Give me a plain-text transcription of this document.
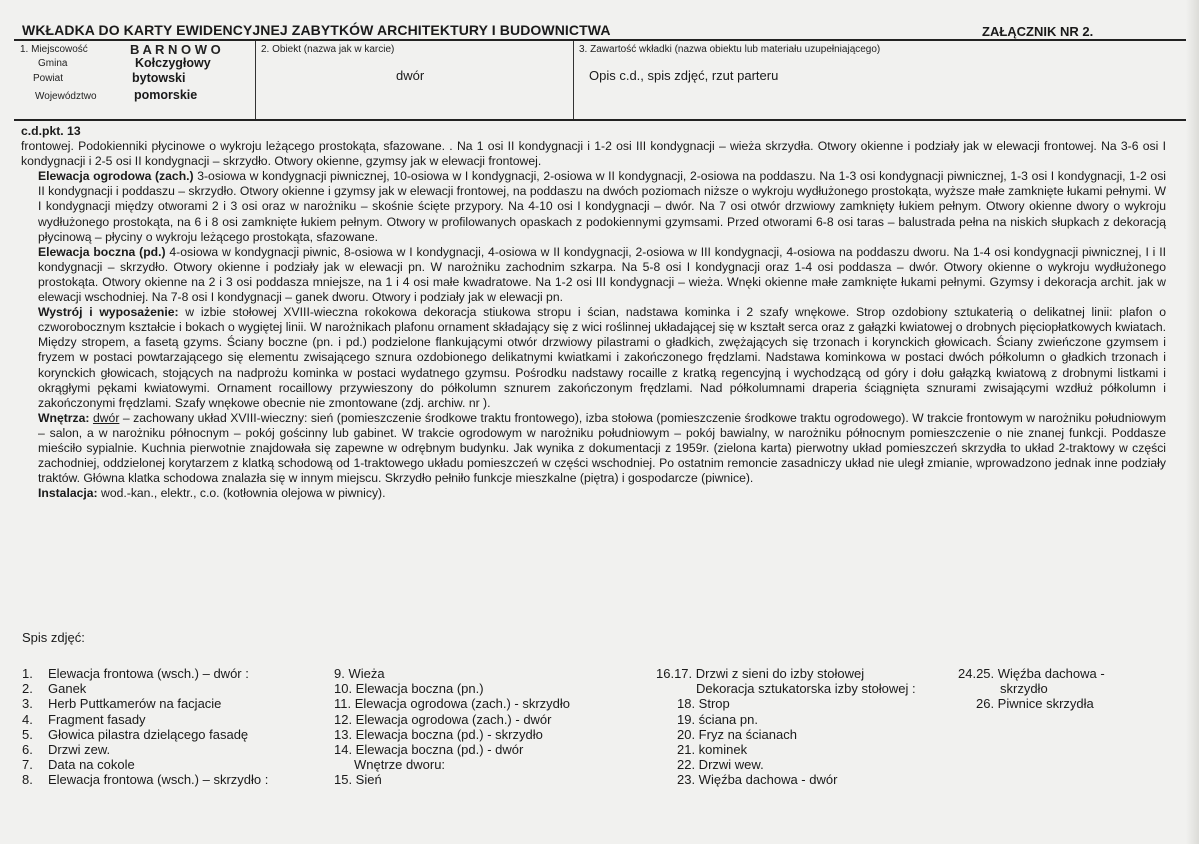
WKŁADKA DO KARTY EWIDENCYJNEJ ZABYTKÓW ARCHITEKTURY I BUDOWNICTWA	ZAŁĄCZNIK NR 2.
1. Miejscowość	B A R N O W O
Gmina	Kołczygłowy
Powiat	bytowski
Województwo	pomorskie
2. Obiekt (nazwa jak w karcie)
dwór
3. Zawartość wkładki (nazwa obiektu lub materiału uzupełniającego)
Opis c.d., spis zdjęć, rzut parteru

c.d.pkt. 13

frontowej. Podokienniki płycinowe o wykroju leżącego prostokąta, sfazowane. . Na 1 osi II kondygnacji i 1-2 osi III kondygnacji – wieża skrzydła. Otwory okienne i podziały jak w elewacji frontowej. Na 3-6 osi I kondygnacji i 2-5 osi II kondygnacji – skrzydło. Otwory okienne, gzymsy jak w elewacji frontowej.

Elewacja ogrodowa (zach.) 3-osiowa w kondygnacji piwnicznej, 10-osiowa w I kondygnacji, 2-osiowa w II kondygnacji, 2-osiowa na poddaszu. Na 1-3 osi kondygnacji piwnicznej, 1-3 osi I kondygnacji, 1-2 osi II kondygnacji i poddaszu – skrzydło. Otwory okienne i gzymsy jak w elewacji frontowej, na poddaszu na dwóch poziomach niższe o wykroju wydłużonego prostokąta, wyższe małe zamknięte łukami pełnymi. W I kondygnacji między otworami 2 i 3 osi oraz w narożniku – skośnie ścięte przypory. Na 4-10 osi I kondygnacji – dwór. Na 7 osi otwór drzwiowy zamknięty łukiem pełnym. Otwory okienne dwory o wykroju wydłużonego prostokąta, na 6 i 8 osi zamknięte łukiem pełnym. Otwory w profilowanych opaskach z podokiennymi gzymsami. Przed otworami 6-8 osi taras – balustrada pełna na niskich słupkach z dekoracją płycinową – płyciny o wykroju leżącego prostokąta, sfazowane.

Elewacja boczna (pd.) 4-osiowa w kondygnacji piwnic, 8-osiowa w I kondygnacji, 4-osiowa w II kondygnacji, 2-osiowa w III kondygnacji, 4-osiowa na poddaszu dworu. Na 1-4 osi kondygnacji piwnicznej, I i II kondygnacji – skrzydło. Otwory okienne i podziały jak w elewacji pn. W narożniku zachodnim szkarpa. Na 5-8 osi I kondygnacji oraz 1-4 osi poddasza – dwór. Otwory okienne o wykroju wydłużonego prostokąta. Otwory okienne na 2 i 3 osi poddasza mniejsze, na 1 i 4 osi małe kwadratowe. Na 1-2 osi III kondygnacji – wieża. Wnęki okienne małe zamknięte łukami pełnymi. Gzymsy i dekoracja archit. jak w elewacji wschodniej. Na 7-8 osi I kondygnacji – ganek dworu. Otwory i podziały jak w elewacji pn.

Wystrój i wyposażenie: w izbie stołowej XVIII-wieczna rokokowa dekoracja stiukowa stropu i ścian, nadstawa kominka i 2 szafy wnękowe. Strop ozdobiony sztukaterią o delikatnej linii: plafon o czworobocznym kształcie i bokach o wygiętej linii. W narożnikach plafonu ornament składający się z wici roślinnej układającej się w kształt serca oraz z gałązki kwiatowej o drobnych pięciopłatkowych kwiatach. Między stropem, a fasetą gzyms. Ściany boczne (pn. i pd.) podzielone flankującymi otwór drzwiowy pilastrami o gładkich, zwężających się trzonach i korynckich głowicach. Ściany zwieńczone gzymsem i fryzem w postaci powtarzającego się elementu zwisającego sznura ozdobionego delikatnymi kwiatkami i zakończonego frędzlami. Nadstawa kominkowa w postaci dwóch półkolumn o gładkich trzonach i korynckich głowicach, stojących na nadprożu kominka w postaci wydatnego gzymsu. Pośrodku nadstawy rocaille z kratką regencyjną i wychodzącą od góry i dołu gałązką kwiatową z drobnymi listkami i okrągłymi pękami kwiatowymi. Ornament rocaillowy przywieszony do półkolumn sznurem zakończonym frędzlami. Nad półkolumnami draperia ściągnięta sznurami zwisającymi wzdłuż półkolumn i zakończonymi frędzlami. Szafy wnękowe obecnie nie zmontowane (zdj. archiw. nr ).

Wnętrza: dwór – zachowany układ XVIII-wieczny: sień (pomieszczenie środkowe traktu frontowego), izba stołowa (pomieszczenie środkowe traktu ogrodowego). W trakcie frontowym w narożniku południowym – salon, a w narożniku północnym – pokój gościnny lub gabinet. W trakcie ogrodowym w narożniku południowym – pokój bawialny, w narożniku północnym pomieszczenie o nie znanej funkcji. Poddasze mieściło sypialnie. Kuchnia pierwotnie znajdowała się zapewne w odrębnym budynku. Jak wynika z dokumentacji z 1959r. (zielona karta) pierwotny układ pomieszczeń skrzydła to układ 2-traktowy w części zachodniej, oddzielonej korytarzem z klatką schodową od 1-traktowego układu pomieszczeń w części wschodniej. Po ostatnim remoncie zasadniczy układ nie uległ zmianie, wprowadzono jednak inne podziały traktów. Główna klatka schodowa znalazła się w innym miejscu. Skrzydło pełniło funkcje mieszkalne (piętra) i gospodarcze (piwnice).

Instalacja: wod.-kan., elektr., c.o. (kotłownia olejowa w piwnicy).

Spis zdjęć:
1. Elewacja frontowa (wsch.) – dwór :
2. Ganek
3. Herb Puttkamerów na facjacie
4. Fragment fasady
5. Głowica pilastra dzielącego fasadę
6. Drzwi zew.
7. Data na cokole
8. Elewacja frontowa (wsch.) – skrzydło :
9. Wieża
10. Elewacja boczna (pn.)
11. Elewacja ogrodowa (zach.) - skrzydło
12. Elewacja ogrodowa (zach.) - dwór
13. Elewacja boczna (pd.) - skrzydło
14. Elewacja boczna (pd.) - dwór
Wnętrze dworu:
15. Sień
16.17. Drzwi z sieni do izby stołowej
Dekoracja sztukatorska izby stołowej :
18. Strop
19. ściana pn.
20. Fryz na ścianach
21. kominek
22. Drzwi wew.
23. Więźba dachowa - dwór
24.25. Więźba dachowa -
skrzydło
26. Piwnice skrzydła
